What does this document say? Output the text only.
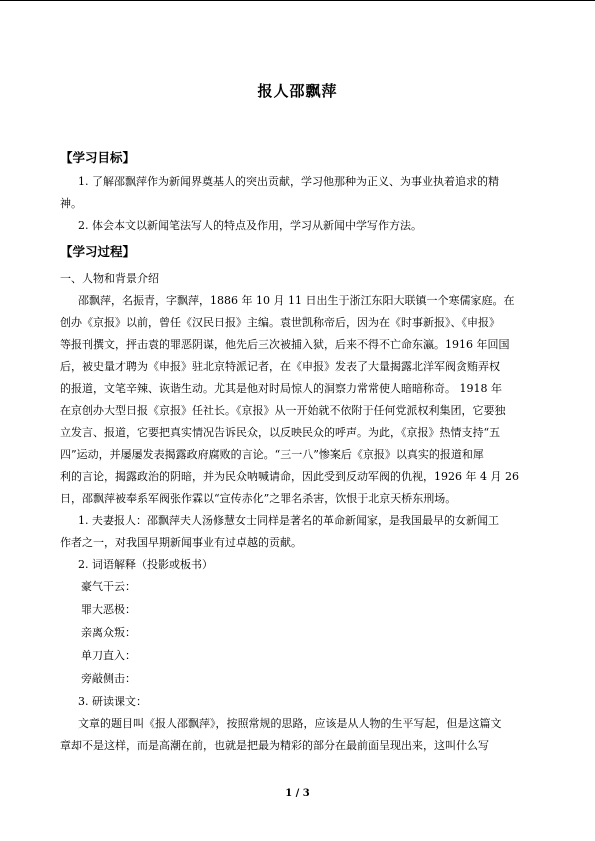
报人邵飘萍
【学习目标】
1. 了解邵飘萍作为新闻界奠基人的突出贡献，学习他那种为正义、为事业执着追求的精
神。
2. 体会本文以新闻笔法写人的特点及作用，学习从新闻中学写作方法。
【学习过程】
一、人物和背景介绍
邵飘萍，名振青，字飘萍，1886 年 10 月 11 日出生于浙江东阳大联镇一个寒儒家庭。在
创办《京报》以前，曾任《汉民日报》主编。袁世凯称帝后，因为在《时事新报》、《申报》
等报刊撰文，抨击袁的罪恶阴谋，他先后三次被捕入狱，后来不得不亡命东瀛。1916 年回国
后，被史量才聘为《申报》驻北京特派记者，在《申报》发表了大量揭露北洋军阀贪贿弄权
的报道，文笔辛辣、诙谐生动。尤其是他对时局惊人的洞察力常常使人暗暗称奇。 1918 年
在京创办大型日报《京报》任社长。《京报》从一开始就不依附于任何党派权利集团，它要独
立发言、报道，它要把真实情况告诉民众，以反映民众的呼声。为此，《京报》热情支持“五
四”运动，并屡屡发表揭露政府腐败的言论。“三一八”惨案后《京报》以真实的报道和犀
利的言论，揭露政治的阴暗，并为民众呐喊请命，因此受到反动军阀的仇视，1926 年 4 月 26
日，邵飘萍被奉系军阀张作霖以“宣传赤化”之罪名杀害，饮恨于北京天桥东刑场。
1. 夫妻报人：邵飘萍夫人汤修慧女士同样是著名的革命新闻家，是我国最早的女新闻工
作者之一，对我国早期新闻事业有过卓越的贡献。
2. 词语解释（投影或板书）
豪气干云：
罪大恶极：
亲离众叛：
单刀直入：
旁敲侧击：
3. 研读课文：
文章的题目叫《报人邵飘萍》，按照常规的思路，应该是从人物的生平写起，但是这篇文
章却不是这样，而是高潮在前，也就是把最为精彩的部分在最前面呈现出来，这叫什么写
1 / 3
